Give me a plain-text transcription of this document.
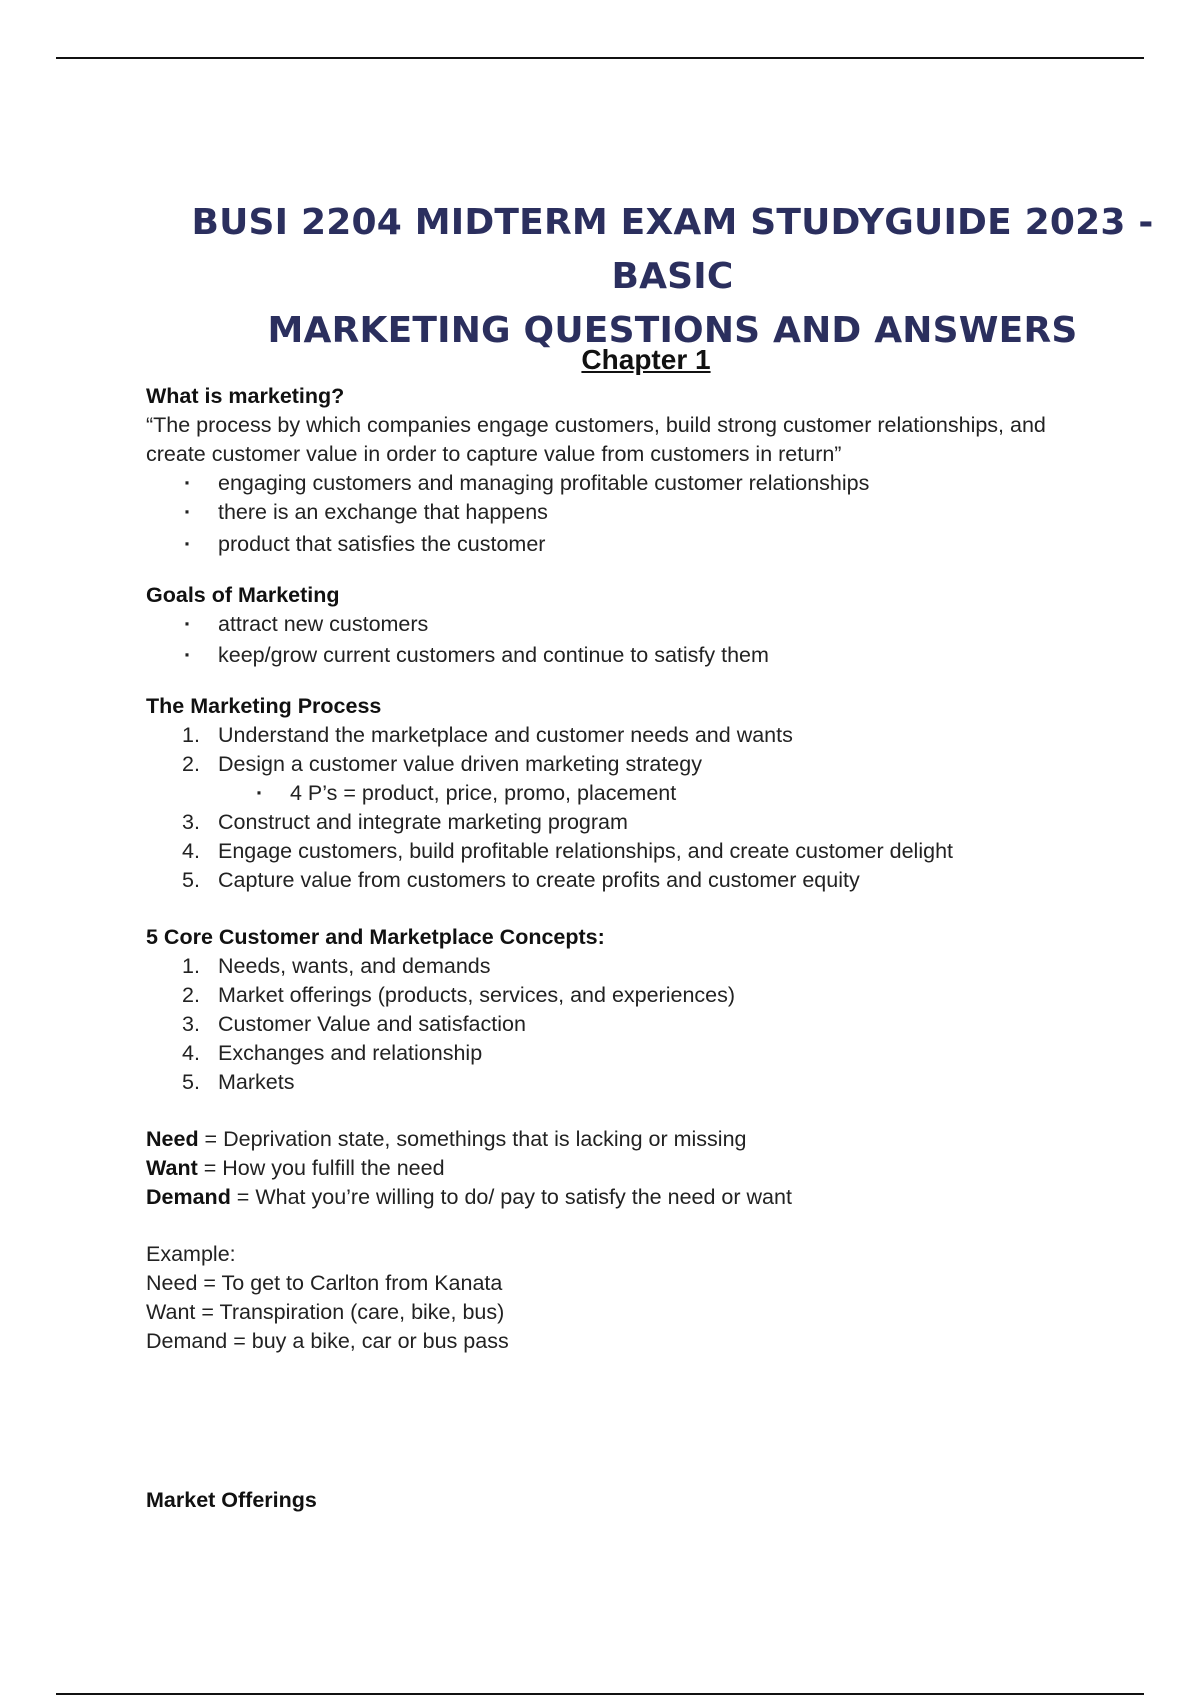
BUSI 2204 MIDTERM EXAM STUDYGUIDE 2023 - BASIC
MARKETING QUESTIONS AND ANSWERS
Chapter 1

What is marketing?

“The process by which companies engage customers, build strong customer relationships, and

create customer value in order to capture value from customers in return”

· engaging customers and managing profitable customer relationships
· there is an exchange that happens
· product that satisfies the customer

Goals of Marketing

· attract new customers
· keep/grow current customers and continue to satisfy them

The Marketing Process

1. Understand the marketplace and customer needs and wants
2. Design a customer value driven marketing strategy
· 4 P’s = product, price, promo, placement
3. Construct and integrate marketing program
4. Engage customers, build profitable relationships, and create customer delight
5. Capture value from customers to create profits and customer equity

5 Core Customer and Marketplace Concepts:

1. Needs, wants, and demands
2. Market offerings (products, services, and experiences)
3. Customer Value and satisfaction
4. Exchanges and relationship
5. Markets

Need = Deprivation state, somethings that is lacking or missing

Want = How you fulfill the need

Demand = What you’re willing to do/ pay to satisfy the need or want

Example:

Need = To get to Carlton from Kanata

Want = Transpiration (care, bike, bus)

Demand = buy a bike, car or bus pass

Market Offerings
